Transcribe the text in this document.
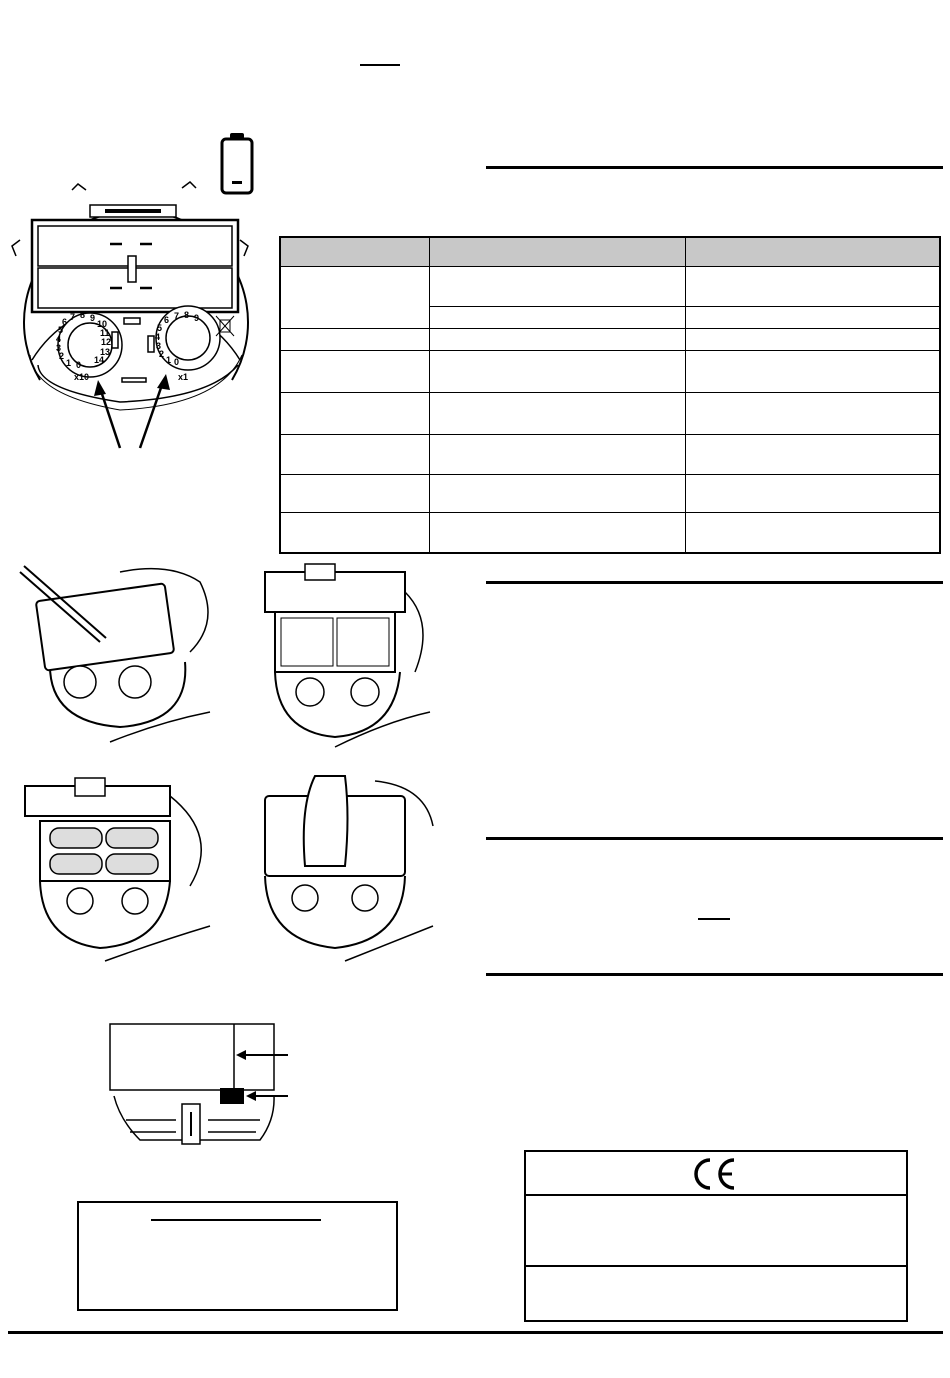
6 7 8 9
10
11
12
13
14
5
4
3
2
1 0
x10
6 7 8 9
5
4
3
2
1 0
x1
